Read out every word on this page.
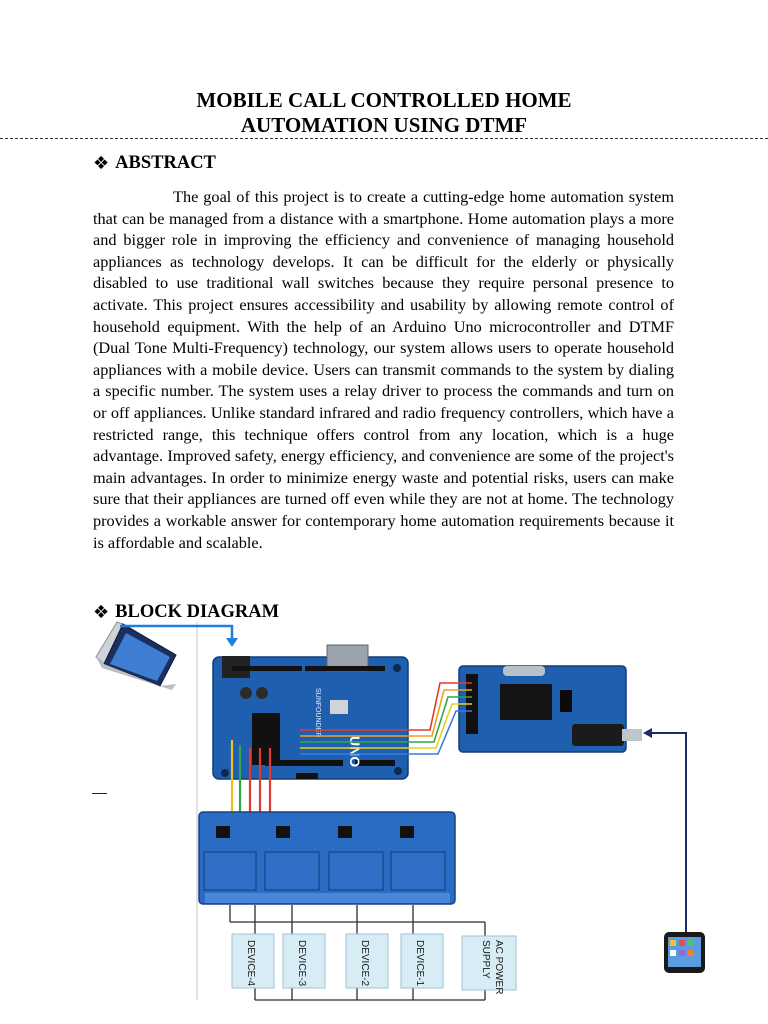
MOBILE CALL CONTROLLED HOME
AUTOMATION USING DTMF
❖ ABSTRACT
The goal of this project is to create a cutting-edge home automation system that can be managed from a distance with a smartphone. Home automation plays a more and bigger role in improving the efficiency and convenience of managing household appliances as technology develops. It can be difficult for the elderly or physically disabled to use traditional wall switches because they require personal presence to activate. This project ensures accessibility and usability by allowing remote control of household equipment. With the help of an Arduino Uno microcontroller and DTMF (Dual Tone Multi-Frequency) technology, our system allows users to operate household appliances with a mobile device. Users can transmit commands to the system by dialing a specific number. The system uses a relay driver to process the commands and turn on or off appliances. Unlike standard infrared and radio frequency controllers, which have a restricted range, this technique offers control from any location, which is a huge advantage. Improved safety, energy efficiency, and convenience are some of the project's main advantages. In order to minimize energy waste and potential risks, users can make sure that their appliances are turned off even while they are not at home. The technology provides a workable answer for contemporary home automation requirements because it is affordable and scalable.
❖ BLOCK DIAGRAM
UNO
SUNFOUNDER
DEVICE-4	DEVICE-3	DEVICE-2	DEVICE-1	AC POWER
SUPPLY
